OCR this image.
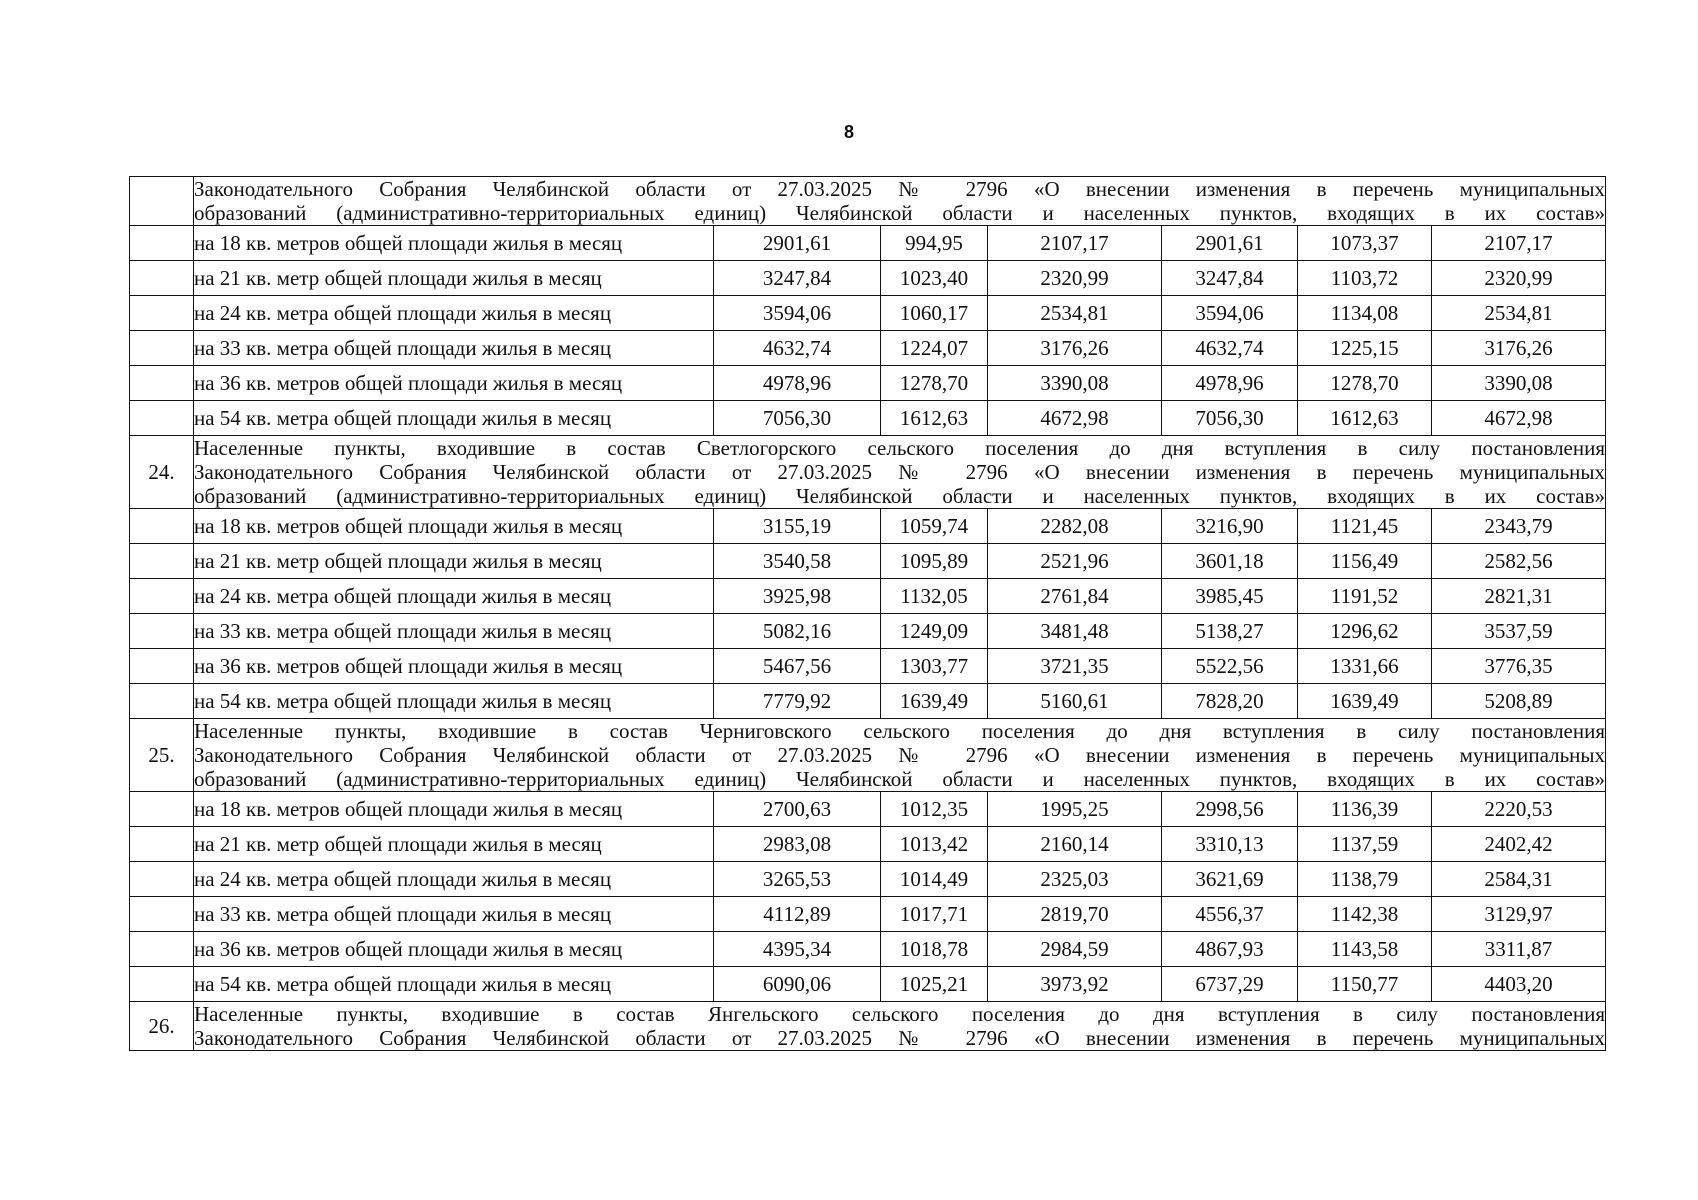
8

	Законодательного Собрания Челябинской области от 27.03.2025 № 2796 «О внесении изменения в перечень муниципальных
образований (административно-территориальных единиц) Челябинской области и населенных пунктов, входящих в их состав»						

	на 18 кв. метров общей площади жилья в месяц	2901,61	994,95	2107,17	2901,61	1073,37	2107,17
	на 21 кв. метр общей площади жилья в месяц	3247,84	1023,40	2320,99	3247,84	1103,72	2320,99
	на 24 кв. метра общей площади жилья в месяц	3594,06	1060,17	2534,81	3594,06	1134,08	2534,81
	на 33 кв. метра общей площади жилья в месяц	4632,74	1224,07	3176,26	4632,74	1225,15	3176,26
	на 36 кв. метров общей площади жилья в месяц	4978,96	1278,70	3390,08	4978,96	1278,70	3390,08
	на 54 кв. метра общей площади жилья в месяц	7056,30	1612,63	4672,98	7056,30	1612,63	4672,98
24.	Населенные пункты, входившие в состав Светлогорского сельского поселения до дня вступления в силу постановления
Законодательного Собрания Челябинской области от 27.03.2025 № 2796 «О внесении изменения в перечень муниципальных
образований (административно-территориальных единиц) Челябинской области и населенных пунктов, входящих в их состав»						

	на 18 кв. метров общей площади жилья в месяц	3155,19	1059,74	2282,08	3216,90	1121,45	2343,79
	на 21 кв. метр общей площади жилья в месяц	3540,58	1095,89	2521,96	3601,18	1156,49	2582,56
	на 24 кв. метра общей площади жилья в месяц	3925,98	1132,05	2761,84	3985,45	1191,52	2821,31
	на 33 кв. метра общей площади жилья в месяц	5082,16	1249,09	3481,48	5138,27	1296,62	3537,59
	на 36 кв. метров общей площади жилья в месяц	5467,56	1303,77	3721,35	5522,56	1331,66	3776,35
	на 54 кв. метра общей площади жилья в месяц	7779,92	1639,49	5160,61	7828,20	1639,49	5208,89
25.	Населенные пункты, входившие в состав Черниговского сельского поселения до дня вступления в силу постановления
Законодательного Собрания Челябинской области от 27.03.2025 № 2796 «О внесении изменения в перечень муниципальных
образований (административно-территориальных единиц) Челябинской области и населенных пунктов, входящих в их состав»						

	на 18 кв. метров общей площади жилья в месяц	2700,63	1012,35	1995,25	2998,56	1136,39	2220,53
	на 21 кв. метр общей площади жилья в месяц	2983,08	1013,42	2160,14	3310,13	1137,59	2402,42
	на 24 кв. метра общей площади жилья в месяц	3265,53	1014,49	2325,03	3621,69	1138,79	2584,31
	на 33 кв. метра общей площади жилья в месяц	4112,89	1017,71	2819,70	4556,37	1142,38	3129,97
	на 36 кв. метров общей площади жилья в месяц	4395,34	1018,78	2984,59	4867,93	1143,58	3311,87
	на 54 кв. метра общей площади жилья в месяц	6090,06	1025,21	3973,92	6737,29	1150,77	4403,20
26.	Населенные пункты, входившие в состав Янгельского сельского поселения до дня вступления в силу постановления
Законодательного Собрания Челябинской области от 27.03.2025 № 2796 «О внесении изменения в перечень муниципальных						
